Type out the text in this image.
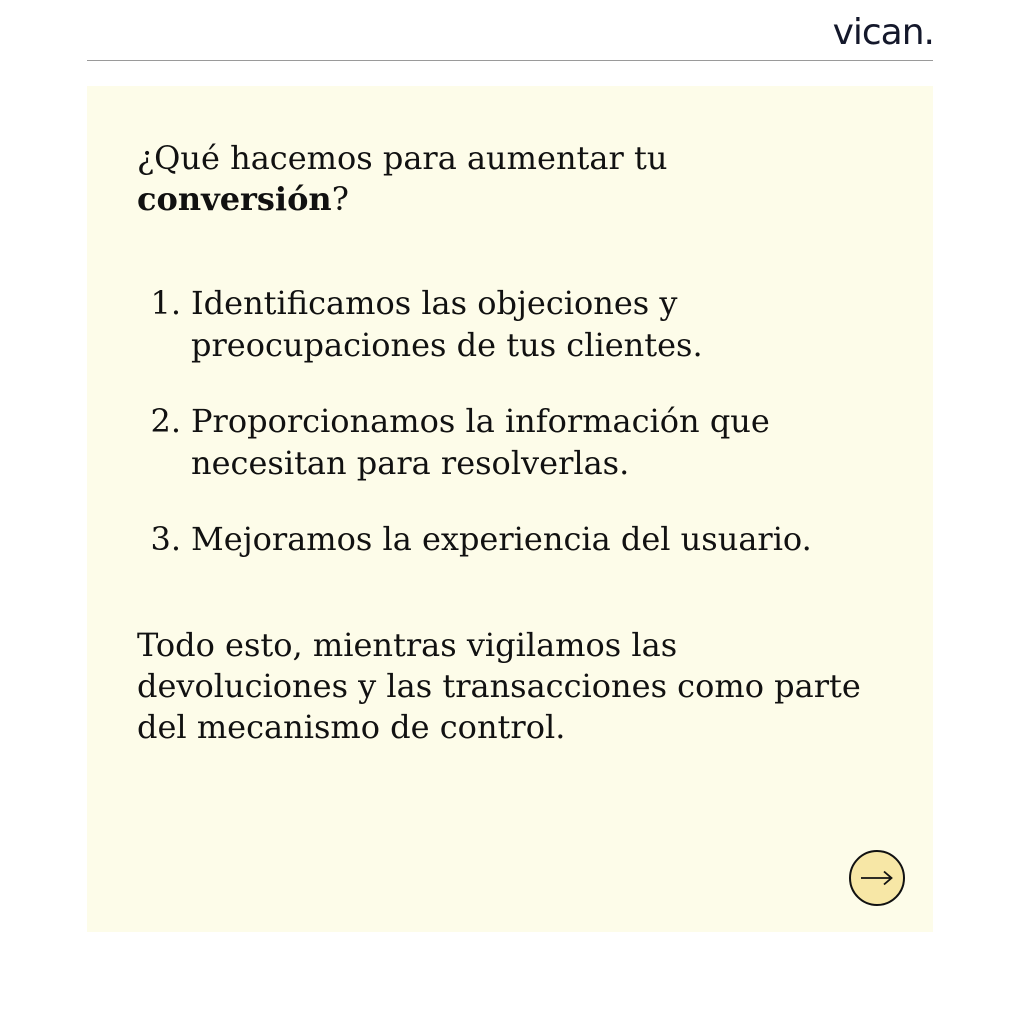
vican.
¿Qué hacemos para aumentar tu conversión?
1. Identificamos las objeciones y preocupaciones de tus clientes.
2. Proporcionamos la información que necesitan para resolverlas.
3. Mejoramos la experiencia del usuario.

Todo esto, mientras vigilamos las devoluciones y las transacciones como parte del mecanismo de control.
